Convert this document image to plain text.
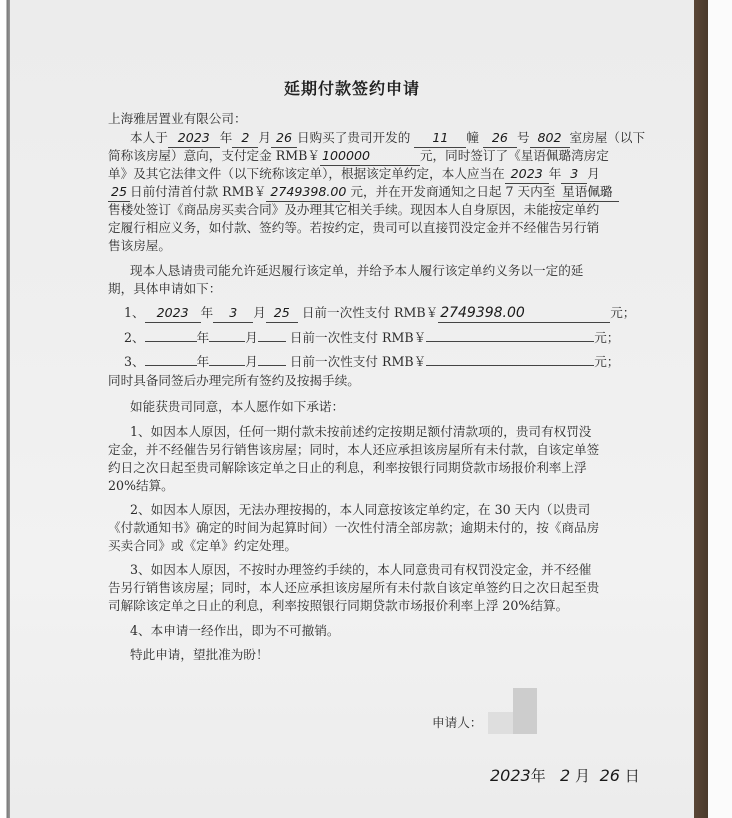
延期付款签约申请
上海雅居置业有限公司：
本人于 2023 年 2 月 26 日购买了贵司开发的 11 幢 26 号 802 室房屋（以下
简称该房屋）意向，支付定金 RMB￥ 100000	元，同时签订了《星语佩璐湾房定
单》及其它法律文件（以下统称该定单），根据该定单约定，本人应当在 2023 年 3 月
25 日前付清首付款 RMB￥ 2749398.00 元，并在开发商通知之日起 7 天内至 星语佩璐
售楼处签订《商品房买卖合同》及办理其它相关手续。现因本人自身原因，未能按定单约
定履行相应义务，如付款、签约等。若按约定，贵司可以直接罚没定金并不经催告另行销
售该房屋。
现本人恳请贵司能允许延迟履行该定单，并给予本人履行该定单约义务以一定的延
期，具体申请如下：
1、 2023 年 3 月 25 日前一次性支付 RMB￥ 2749398.00	元；
2、	年	月	日前一次性支付 RMB￥	元；
3、	年	月	日前一次性支付 RMB￥	元；
同时具备同签后办理完所有签约及按揭手续。
如能获贵司同意，本人愿作如下承诺：
1、如因本人原因，任何一期付款未按前述约定按期足额付清款项的，贵司有权罚没
定金，并不经催告另行销售该房屋；同时，本人还应承担该房屋所有未付款，自该定单签
约日之次日起至贵司解除该定单之日止的利息，利率按银行同期贷款市场报价利率上浮
20%结算。
2、如因本人原因，无法办理按揭的，本人同意按该定单约定，在 30 天内（以贵司
《付款通知书》确定的时间为起算时间）一次性付清全部房款；逾期未付的，按《商品房
买卖合同》或《定单》约定处理。
3、如因本人原因，不按时办理签约手续的，本人同意贵司有权罚没定金，并不经催
告另行销售该房屋；同时，本人还应承担该房屋所有未付款自该定单签约日之次日起至贵
司解除该定单之日止的利息，利率按照银行同期贷款市场报价利率上浮 20%结算。
4、本申请一经作出，即为不可撤销。
特此申请，望批准为盼！
申请人：
2023年 2 月 26 日
